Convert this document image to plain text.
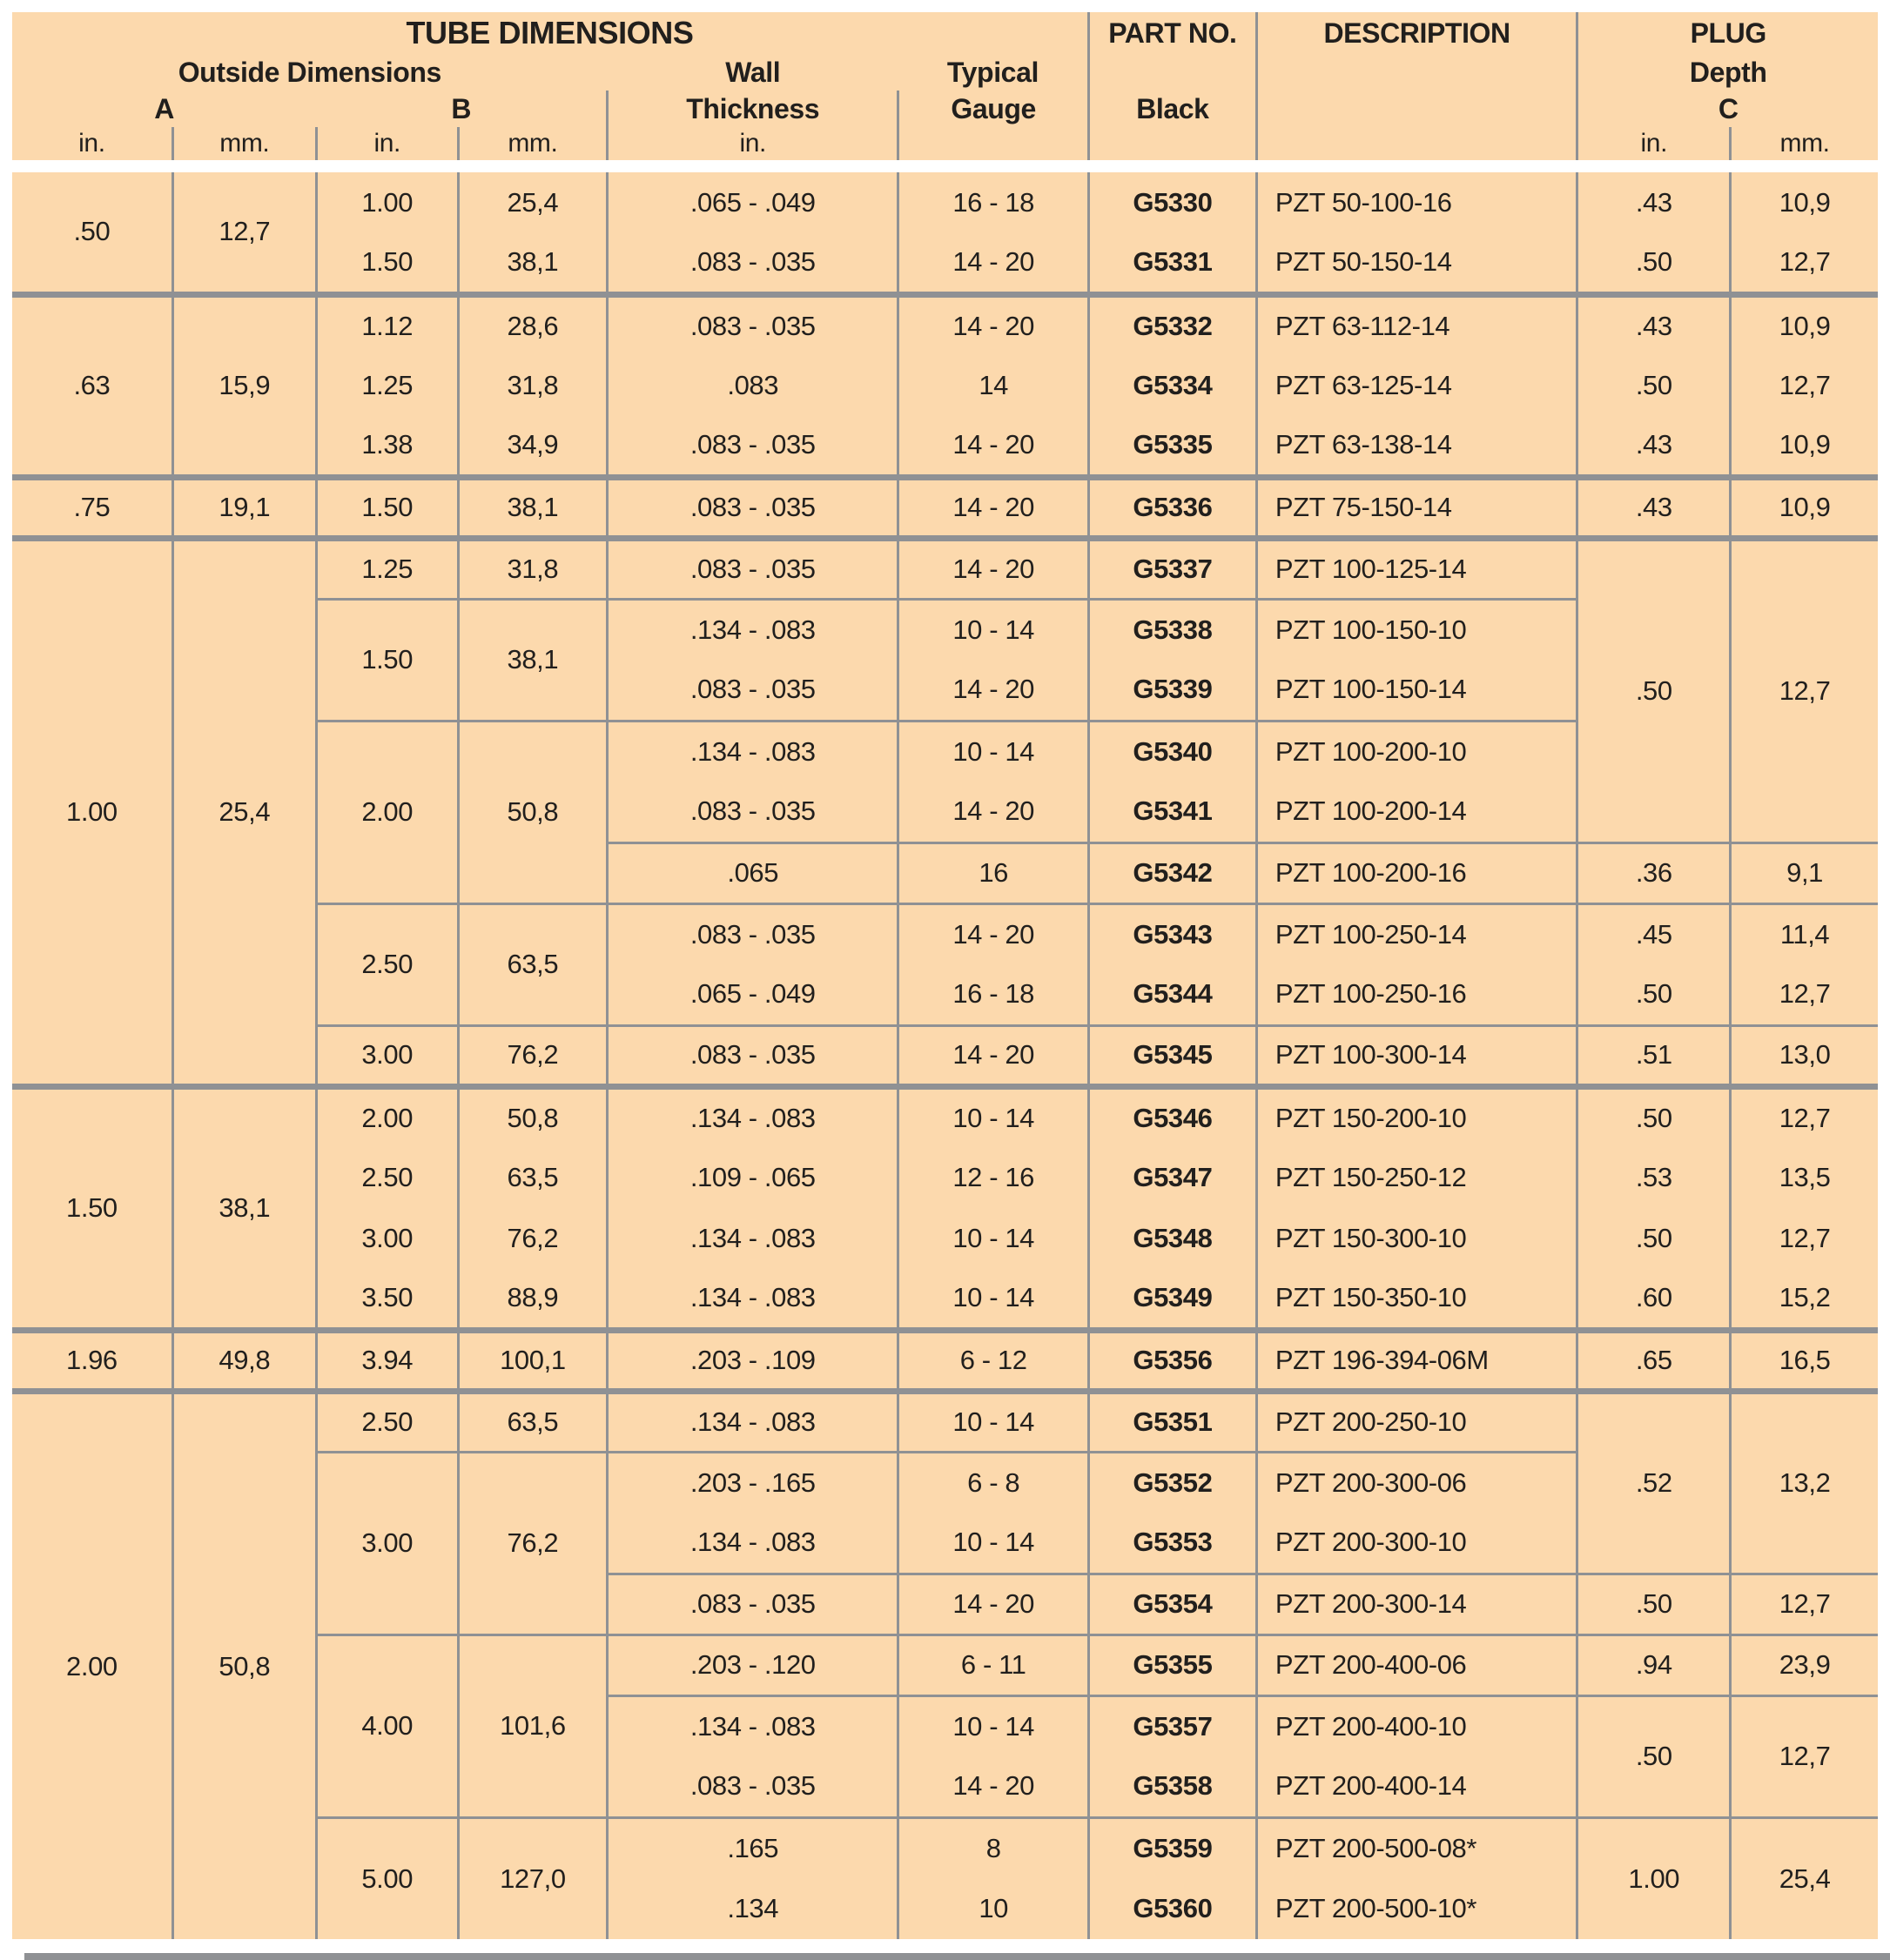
TUBE DIMENSIONS						PART NO.	DESCRIPTION	PLUG	
Outside Dimensions				Wall	Typical			Depth	
A		B		Thickness	Gauge	Black		C	
in.	mm.	in.	mm.	in.				in.	mm.

.50	12,7	1.00	25,4	.065 - .049	16 - 18	G5330	PZT 50-100-16	.43	10,9
		1.50	38,1	.083 - .035	14 - 20	G5331	PZT 50-150-14	.50	12,7
.63	15,9	1.12	28,6	.083 - .035	14 - 20	G5332	PZT 63-112-14	.43	10,9
		1.25	31,8	.083	14	G5334	PZT 63-125-14	.50	12,7
		1.38	34,9	.083 - .035	14 - 20	G5335	PZT 63-138-14	.43	10,9
.75	19,1	1.50	38,1	.083 - .035	14 - 20	G5336	PZT 75-150-14	.43	10,9
1.00	25,4	1.25	31,8	.083 - .035	14 - 20	G5337	PZT 100-125-14	.50	12,7
		1.50	38,1	.134 - .083	10 - 14	G5338	PZT 100-150-10		
				.083 - .035	14 - 20	G5339	PZT 100-150-14		
		2.00	50,8	.134 - .083	10 - 14	G5340	PZT 100-200-10		
				.083 - .035	14 - 20	G5341	PZT 100-200-14		
				.065	16	G5342	PZT 100-200-16	.36	9,1
		2.50	63,5	.083 - .035	14 - 20	G5343	PZT 100-250-14	.45	11,4
				.065 - .049	16 - 18	G5344	PZT 100-250-16	.50	12,7
		3.00	76,2	.083 - .035	14 - 20	G5345	PZT 100-300-14	.51	13,0
1.50	38,1	2.00	50,8	.134 - .083	10 - 14	G5346	PZT 150-200-10	.50	12,7
		2.50	63,5	.109 - .065	12 - 16	G5347	PZT 150-250-12	.53	13,5
		3.00	76,2	.134 - .083	10 - 14	G5348	PZT 150-300-10	.50	12,7
		3.50	88,9	.134 - .083	10 - 14	G5349	PZT 150-350-10	.60	15,2
1.96	49,8	3.94	100,1	.203 - .109	6 - 12	G5356	PZT 196-394-06M	.65	16,5
2.00	50,8	2.50	63,5	.134 - .083	10 - 14	G5351	PZT 200-250-10	.52	13,2
		3.00	76,2	.203 - .165	6 - 8	G5352	PZT 200-300-06		
				.134 - .083	10 - 14	G5353	PZT 200-300-10		
				.083 - .035	14 - 20	G5354	PZT 200-300-14	.50	12,7
		4.00	101,6	.203 - .120	6 - 11	G5355	PZT 200-400-06	.94	23,9
				.134 - .083	10 - 14	G5357	PZT 200-400-10	.50	12,7
				.083 - .035	14 - 20	G5358	PZT 200-400-14		
		5.00	127,0	.165	8	G5359	PZT 200-500-08*	1.00	25,4
				.134	10	G5360	PZT 200-500-10*		
